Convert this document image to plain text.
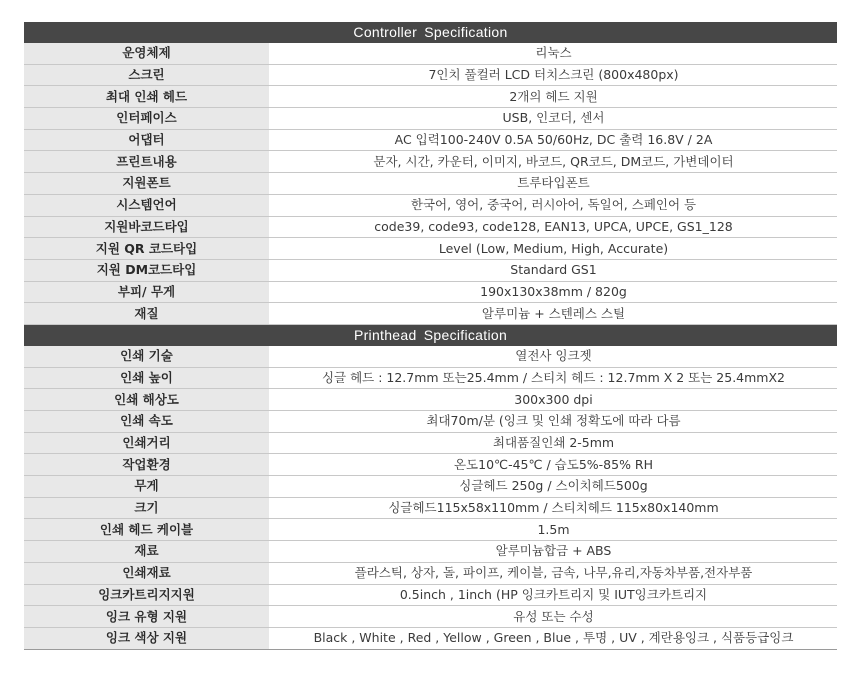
Controller Specification
운영체제	리눅스
스크린	7인치 풀컬러 LCD 터치스크린 (800x480px)
최대 인쇄 헤드	2개의 헤드 지원
인터페이스	USB, 인코더, 센서
어댑터	AC 입력100-240V 0.5A 50/60Hz, DC 출력 16.8V / 2A
프린트내용	문자, 시간, 카운터, 이미지, 바코드, QR코드, DM코드, 가변데이터
지원폰트	트루타입폰트
시스템언어	한국어, 영어, 중국어, 러시아어, 독일어, 스페인어 등
지원바코드타입	code39, code93, code128, EAN13, UPCA, UPCE, GS1_128
지원 QR 코드타입	Level (Low, Medium, High, Accurate)
지원 DM코드타입	Standard GS1
부피/ 무게	190x130x38mm / 820g
재질	알루미늄 + 스텐레스 스틸
Printhead Specification
인쇄 기술	열전사 잉크젯
인쇄 높이	싱글 헤드 : 12.7mm 또는25.4mm / 스티치 헤드 : 12.7mm X 2 또는 25.4mmX2
인쇄 해상도	300x300 dpi
인쇄 속도	최대70m/분 (잉크 및 인쇄 정확도에 따라 다름
인쇄거리	최대품질인쇄 2-5mm
작업환경	온도10℃-45℃ / 습도5%-85% RH
무게	싱글헤드 250g / 스이치헤드500g
크기	싱글헤드115x58x110mm / 스티치헤드 115x80x140mm
인쇄 헤드 케이블	1.5m
재료	알루미늄합금 + ABS
인쇄재료	플라스틱, 상자, 돌, 파이프, 케이블, 금속, 나무,유리,자동차부품,전자부품
잉크카트리지지원	0.5inch , 1inch (HP 잉크카트리지 및 IUT잉크카트리지
잉크 유형 지원	유성 또는 수성
잉크 색상 지원	Black , White , Red , Yellow , Green , Blue , 투명 , UV , 계란용잉크 , 식품등급잉크
